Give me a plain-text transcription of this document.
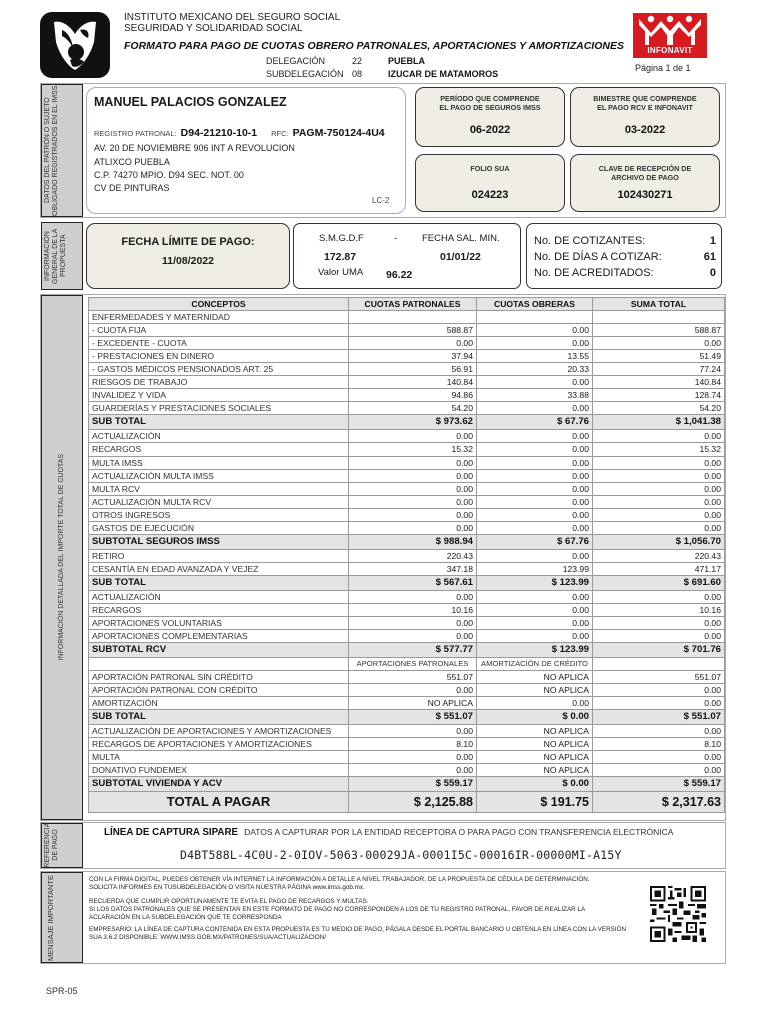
INSTITUTO MEXICANO DEL SEGURO SOCIAL
SEGURIDAD Y SOLIDARIDAD SOCIAL
FORMATO PARA PAGO DE CUOTAS OBRERO PATRONALES, APORTACIONES Y AMORTIZACIONES
DELEGACIÓN	22	PUEBLA
SUBDELEGACIÓN 08	IZUCAR DE MATAMOROS
INFONAVIT
Página 1 de 1
DATOS DEL PATRÓN O SUJETO OBLIGADO REGISTRADOS EN EL IMSS	MANUEL PALACIOS GONZALEZ
REGISTRO PATRONAL: D94-21210-10-1 RFC: PAGM-750124-4U4
AV. 20 DE NOVIEMBRE 906 INT A REVOLUCION
ATLIXCO PUEBLA
C.P. 74270 MPIO. D94 SEC. NOT. 00
CV DE PINTURAS
LC-2
PERÍODO QUE COMPRENDE
EL PAGO DE SEGUROS IMSS
06-2022
BIMESTRE QUE COMPRENDE
EL PAGO RCV E INFONAVIT
03-2022
FOLIO SUA
024223
CLAVE DE RECEPCIÓN DE
ARCHIVO DE PAGO
102430271
INFORMACIÓN GENERAL DE LA PROPUESTA	FECHA LÍMITE DE PAGO:
11/08/2022
S.M.G.D.F	-	FECHA SAL. MIN.
172.87	01/01/22
Valor UMA 96.22
No. DE COTIZANTES:	1
No. DE DÍAS A COTIZAR:	61
No. DE ACREDITADOS:	0
INFORMACIÓN DETALLADA DEL IMPORTE TOTAL DE CUOTAS
CONCEPTOS	CUOTAS PATRONALES	CUOTAS OBRERAS	SUMA TOTAL
ENFERMEDADES Y MATERNIDAD			
- CUOTA FIJA	588.87	0.00	588.87
- EXCEDENTE - CUOTA	0.00	0.00	0.00
- PRESTACIONES EN DINERO	37.94	13.55	51.49
- GASTOS MÉDICOS PENSIONADOS ART. 25	56.91	20.33	77.24
RIESGOS DE TRABAJO	140.84	0.00	140.84
INVALIDEZ Y VIDA	94.86	33.88	128.74
GUARDERÍAS Y PRESTACIONES SOCIALES	54.20	0.00	54.20
SUB TOTAL	$ 973.62	$ 67.76	$ 1,041.38
ACTUALIZACIÓN	0.00	0.00	0.00
RECARGOS	15.32	0.00	15.32
MULTA IMSS	0.00	0.00	0.00
ACTUALIZACIÓN MULTA IMSS	0.00	0.00	0.00
MULTA RCV	0.00	0.00	0.00
ACTUALIZACIÓN MULTA RCV	0.00	0.00	0.00
OTROS INGRESOS	0.00	0.00	0.00
GASTOS DE EJECUCIÓN	0.00	0.00	0.00
SUBTOTAL SEGUROS IMSS	$ 988.94	$ 67.76	$ 1,056.70
RETIRO	220.43	0.00	220.43
CESANTÍA EN EDAD AVANZADA Y VEJEZ	347.18	123.99	471.17
SUB TOTAL	$ 567.61	$ 123.99	$ 691.60
ACTUALIZACIÓN	0.00	0.00	0.00
RECARGOS	10.16	0.00	10.16
APORTACIONES VOLUNTARIAS	0.00	0.00	0.00
APORTACIONES COMPLEMENTARIAS	0.00	0.00	0.00
SUBTOTAL RCV	$ 577.77	$ 123.99	$ 701.76
	APORTACIONES PATRONALES	AMORTIZACIÓN DE CRÉDITO	
APORTACIÓN PATRONAL SIN CRÉDITO	551.07	NO APLICA	551.07
APORTACIÓN PATRONAL CON CRÉDITO	0.00	NO APLICA	0.00
AMORTIZACIÓN	NO APLICA	0.00	0.00
SUB TOTAL	$ 551.07	$ 0.00	$ 551.07
ACTUALIZACIÓN DE APORTACIONES Y AMORTIZACIONES	0.00	NO APLICA	0.00
RECARGOS DE APORTACIONES Y AMORTIZACIONES	8.10	NO APLICA	8.10
MULTA	0.00	NO APLICA	0.00
DONATIVO FUNDEMEX	0.00	NO APLICA	0.00
SUBTOTAL VIVIENDA Y ACV	$ 559.17	$ 0.00	$ 559.17
TOTAL A PAGAR	$ 2,125.88	$ 191.75	$ 2,317.63
REFERENCIA DE PAGO	LÍNEA DE CAPTURA SIPARE DATOS A CAPTURAR POR LA ENTIDAD RECEPTORA O PARA PAGO CON TRANSFERENCIA ELECTRÓNICA
D4BT588L-4C0U-2-0IOV-5063-00029JA-0001I5C-00016IR-00000MI-A15Y
MENSAJE IMPORTANTE	CON LA FIRMA DIGITAL, PUEDES OBTENER VÍA INTERNET LA INFORMACIÓN A DETALLE A NIVEL TRABAJADOR, DE LA PROPUESTA DE CÉDULA DE DETERMINACIÓN.
SOLICITA INFORMES EN TUSUBDELEGACIÓN O VISITA NUESTRA PÁGINA www.imss.gob.mx.
RECUERDA QUE CUMPLIR OPORTUNAMENTE TE EVITA EL PAGO DE RECARGOS Y MULTAS.
SI LOS DATOS PATRONALES QUE SE PRESENTAN EN ESTE FORMATO DE PAGO NO CORRESPONDEN A LOS DE TU REGISTRO PATRONAL, FAVOR DE REALIZAR LA
ACLARACIÓN EN LA SUBDELEGACIÓN QUE TE CORRESPONDA
EMPRESARIO: LA LÍNEA DE CAPTURA CONTENIDA EN ESTA PROPUESTA ES TU MEDIO DE PAGO, PÁGALA DESDE EL PORTAL BANCARIO U OBTENLA EN LÍNEA CON LA VERSIÓN
SUA 3.6.2 DISPONIBLE: WWW.IMSS.GOB.MX/PATRONES/SUA/ACTUALIZACION/
SPR-05
